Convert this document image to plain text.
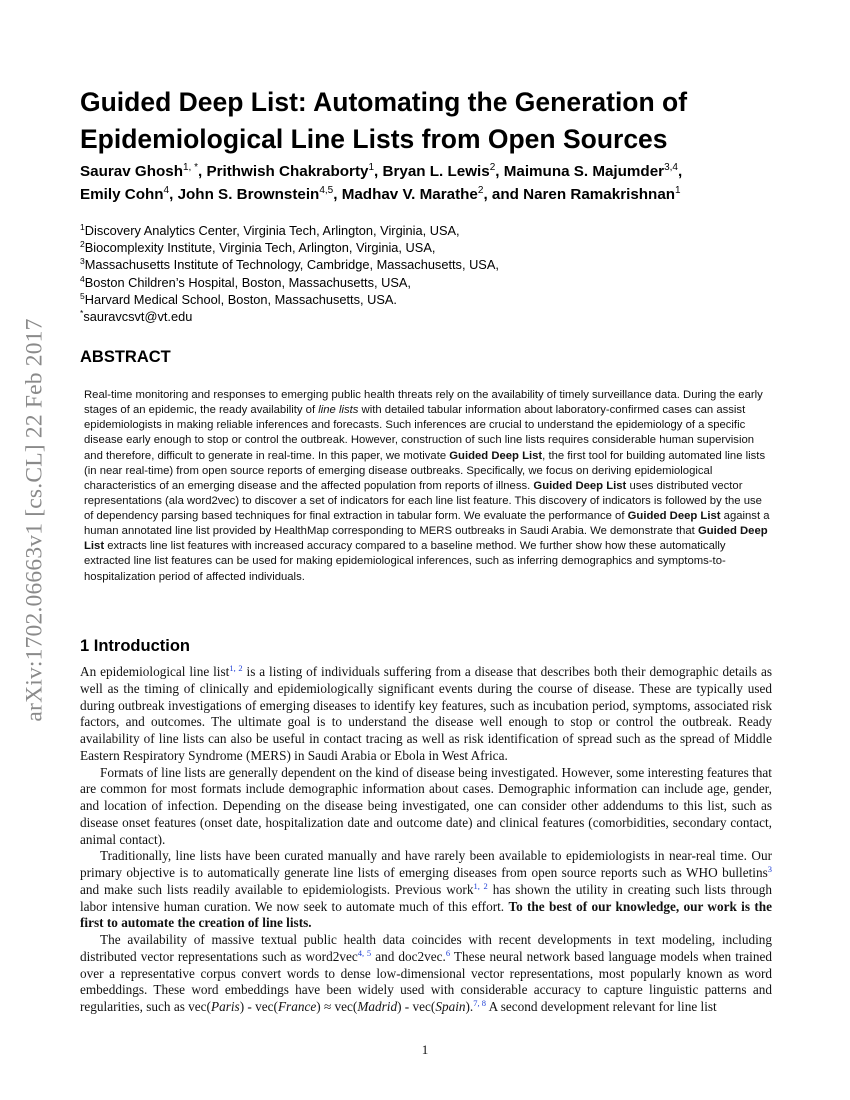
arXiv:1702.06663v1 [cs.CL] 22 Feb 2017
Guided Deep List: Automating the Generation of
Epidemiological Line Lists from Open Sources
Saurav Ghosh$^{1, *}$, Prithwish Chakraborty$^1$, Bryan L. Lewis$^2$, Maimuna S. Majumder$^{3,4}$,
Emily Cohn$^4$, John S. Brownstein$^{4,5}$, Madhav V. Marathe$^2$, and Naren Ramakrishnan$^1$
$^1$Discovery Analytics Center, Virginia Tech, Arlington, Virginia, USA,
$^2$Biocomplexity Institute, Virginia Tech, Arlington, Virginia, USA,
$^3$Massachusetts Institute of Technology, Cambridge, Massachusetts, USA,
$^4$Boston Children’s Hospital, Boston, Massachusetts, USA,
$^5$Harvard Medical School, Boston, Massachusetts, USA.
*sauravcsvt@vt.edu
ABSTRACT
Real-time monitoring and responses to emerging public health threats rely on the availability of timely surveillance data. During the early stages of an epidemic, the ready availability of line lists with detailed tabular information about laboratory-confirmed cases can assist epidemiologists in making reliable inferences and forecasts. Such inferences are crucial to understand the epidemiology of a specific disease early enough to stop or control the outbreak. However, construction of such line lists requires considerable human supervision and therefore, difficult to generate in real-time. In this paper, we motivate Guided Deep List, the first tool for building automated line lists (in near real-time) from open source reports of emerging disease outbreaks. Specifically, we focus on deriving epidemiological characteristics of an emerging disease and the affected population from reports of illness. Guided Deep List uses distributed vector representations (ala word2vec) to discover a set of indicators for each line list feature. This discovery of indicators is followed by the use of dependency parsing based techniques for final extraction in tabular form. We evaluate the performance of Guided Deep List against a human annotated line list provided by HealthMap corresponding to MERS outbreaks in Saudi Arabia. We demonstrate that Guided Deep List extracts line list features with increased accuracy compared to a baseline method. We further show how these automatically extracted line list features can be used for making epidemiological inferences, such as inferring demographics and symptoms-to-hospitalization period of affected individuals.
1 Introduction

An epidemiological line list$^{1, 2}$ is a listing of individuals suffering from a disease that describes both their demographic details as well as the timing of clinically and epidemiologically significant events during the course of disease. These are typically used during outbreak investigations of emerging diseases to identify key features, such as incubation period, symptoms, associated risk factors, and outcomes. The ultimate goal is to understand the disease well enough to stop or control the outbreak. Ready availability of line lists can also be useful in contact tracing as well as risk identification of spread such as the spread of Middle Eastern Respiratory Syndrome (MERS) in Saudi Arabia or Ebola in West Africa.

Formats of line lists are generally dependent on the kind of disease being investigated. However, some interesting features that are common for most formats include demographic information about cases. Demographic information can include age, gender, and location of infection. Depending on the disease being investigated, one can consider other addendums to this list, such as disease onset features (onset date, hospitalization date and outcome date) and clinical features (comorbidities, secondary contact, animal contact).

Traditionally, line lists have been curated manually and have rarely been available to epidemiologists in near-real time. Our primary objective is to automatically generate line lists of emerging diseases from open source reports such as WHO bulletins$^3$ and make such lists readily available to epidemiologists. Previous work$^{1, 2}$ has shown the utility in creating such lists through labor intensive human curation. We now seek to automate much of this effort. To the best of our knowledge, our work is the first to automate the creation of line lists.

The availability of massive textual public health data coincides with recent developments in text modeling, including distributed vector representations such as word2vec$^{4, 5}$ and doc2vec.$^6$ These neural network based language models when trained over a representative corpus convert words to dense low-dimensional vector representations, most popularly known as word embeddings. These word embeddings have been widely used with considerable accuracy to capture linguistic patterns and regularities, such as vec(Paris) - vec(France) ≈ vec(Madrid) - vec(Spain).$^{7, 8}$ A second development relevant for line list

1
